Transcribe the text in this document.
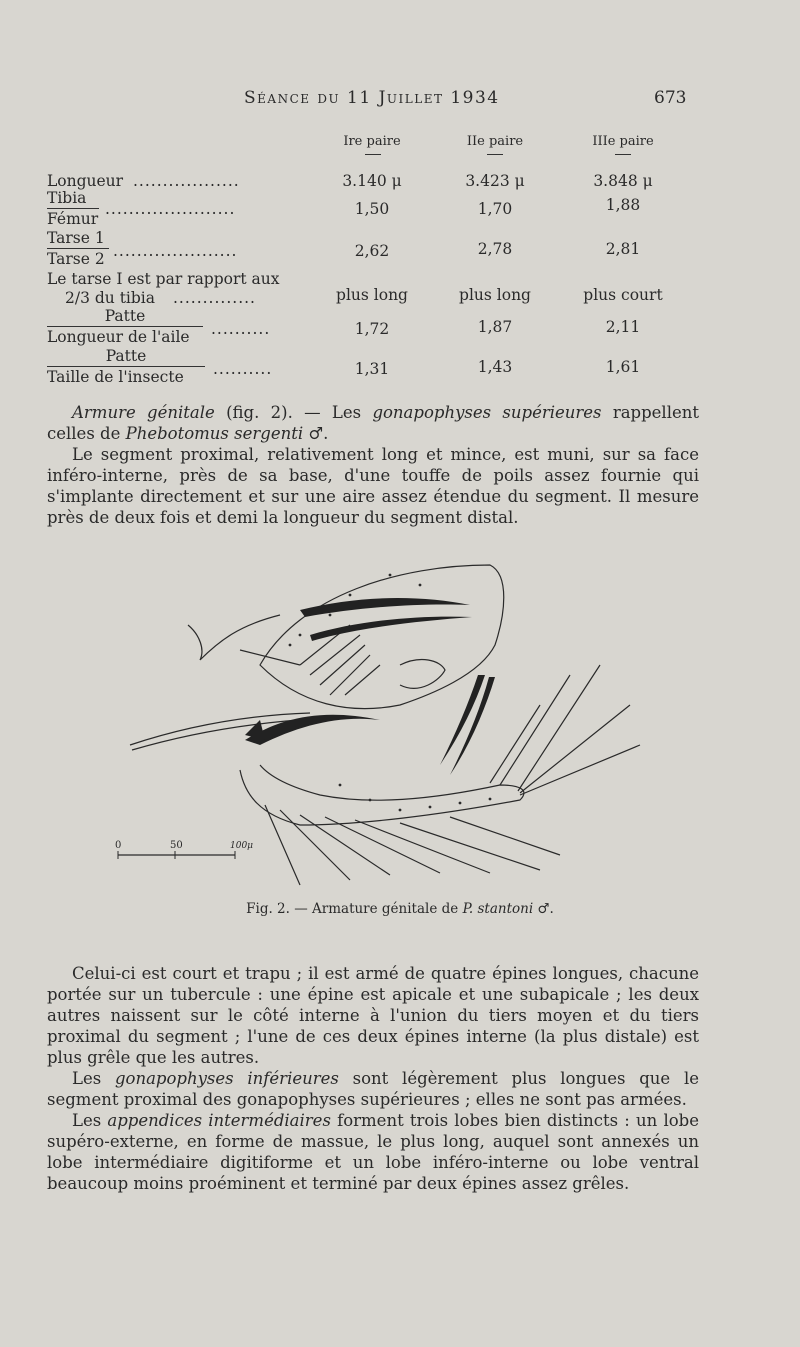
Séance du 11 Juillet 1934	673
Ire paire	IIe paire	IIIe paire
Longueur ..................	3.140 μ	3.423 μ	3.848 μ
Tibia
Fémur
......................	1,50	1,70	1,88
Tarse 1
Tarse 2 .....................	2,62	2,78	2,81
Le tarse I est par rapport aux
2/3 du tibia ..............	plus long	plus long	plus court
Patte
Longueur de l'aile	..........	1,72	1,87	2,11
Patte
Taille de l'insecte	..........	1,31	1,43	1,61

Armure génitale (fig. 2). — Les gonapophyses supérieures rappellent celles de Phebotomus sergenti ♂.

Le segment proximal, relativement long et mince, est muni, sur sa face inféro-interne, près de sa base, d'une touffe de poils assez fournie qui s'implante directement et sur une aire assez étendue du segment. Il mesure près de deux fois et demi la longueur du segment distal.

0	50	100μ
Fig. 2. — Armature génitale de P. stantoni ♂.

Celui-ci est court et trapu ; il est armé de quatre épines longues, chacune portée sur un tubercule : une épine est apicale et une subapicale ; les deux autres naissent sur le côté interne à l'union du tiers moyen et du tiers proximal du segment ; l'une de ces deux épines interne (la plus distale) est plus grêle que les autres.

Les gonapophyses inférieures sont légèrement plus longues que le segment proximal des gonapophyses supérieures ; elles ne sont pas armées.

Les appendices intermédiaires forment trois lobes bien distincts : un lobe supéro-externe, en forme de massue, le plus long, auquel sont annexés un lobe intermédiaire digitiforme et un lobe inféro-interne ou lobe ventral beaucoup moins proéminent et terminé par deux épines assez grêles.
